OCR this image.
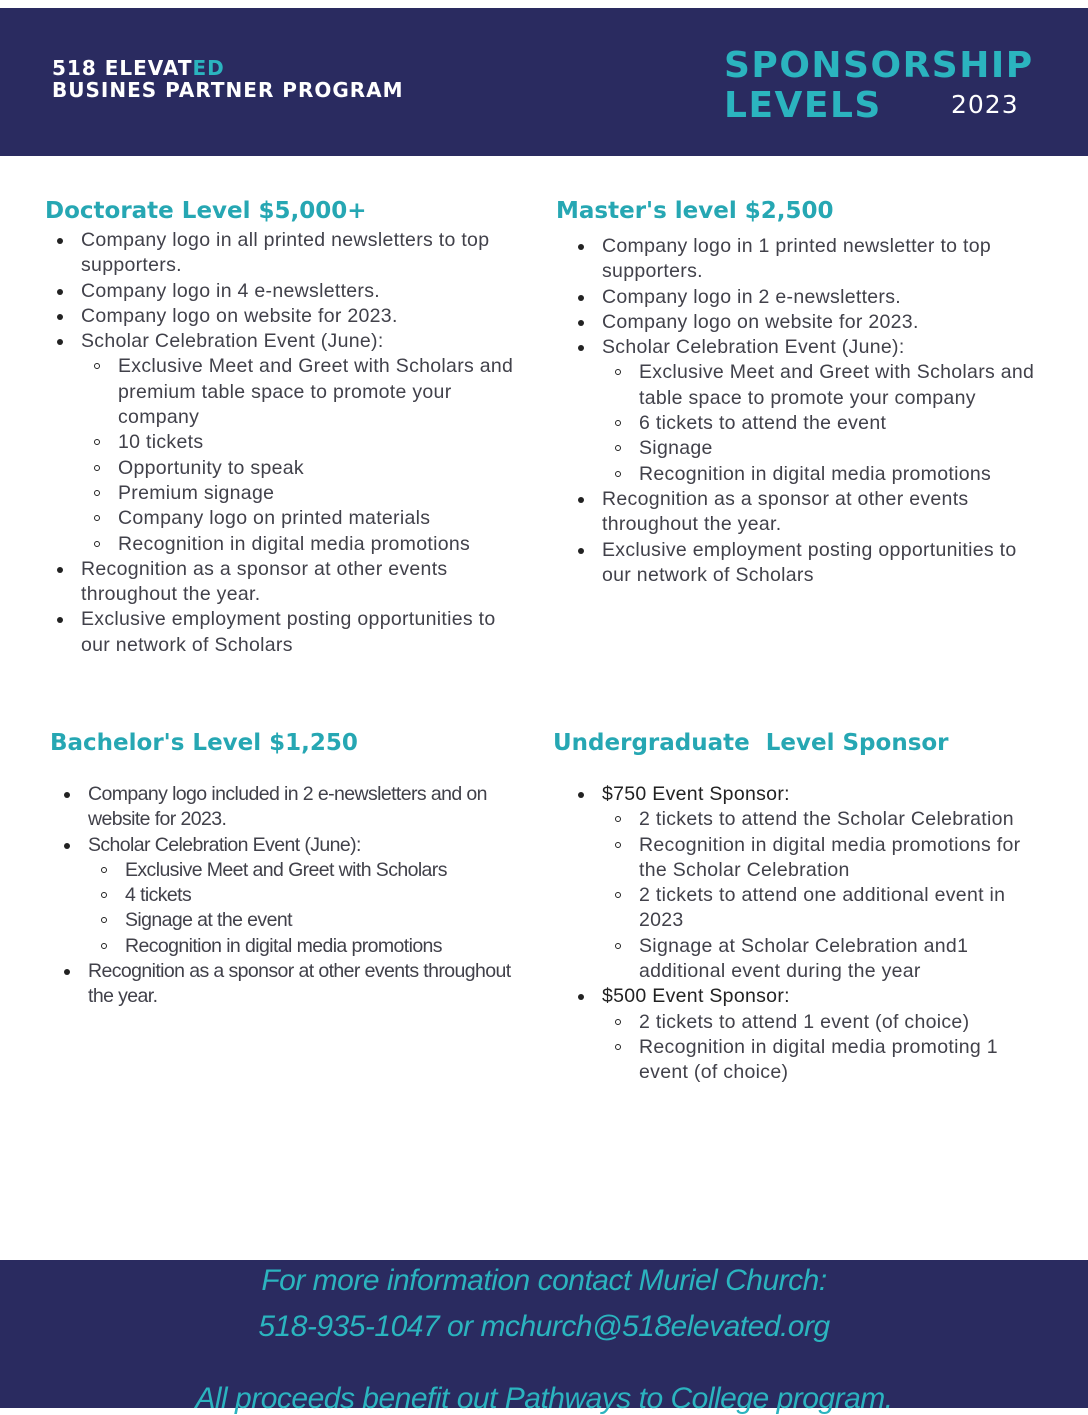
518 ELEVATED
BUSINES PARTNER PROGRAM
SPONSORSHIP
LEVELS	2023
Doctorate Level $5,000+
Company logo in all printed newsletters to top supporters.
Company logo in 4 e-newsletters.
Company logo on website for 2023.
Scholar Celebration Event (June):
Exclusive Meet and Greet with Scholars and premium table space to promote your company
10 tickets
Opportunity to speak
Premium signage
Company logo on printed materials
Recognition in digital media promotions
Recognition as a sponsor at other events throughout the year.
Exclusive employment posting opportunities to our network of Scholars
Master's level $2,500
Company logo in 1 printed newsletter to top supporters.
Company logo in 2 e-newsletters.
Company logo on website for 2023.
Scholar Celebration Event (June):
Exclusive Meet and Greet with Scholars and table space to promote your company
6 tickets to attend the event
Signage
Recognition in digital media promotions
Recognition as a sponsor at other events throughout the year.
Exclusive employment posting opportunities to our network of Scholars
Bachelor's Level $1,250
Company logo included in 2 e-newsletters and on website for 2023.
Scholar Celebration Event (June):
Exclusive Meet and Greet with Scholars
4 tickets
Signage at the event
Recognition in digital media promotions
Recognition as a sponsor at other events throughout the year.
Undergraduate  Level Sponsor
$750 Event Sponsor:
2 tickets to attend the Scholar Celebration
Recognition in digital media promotions for the Scholar Celebration
2 tickets to attend one additional event in 2023
Signage at Scholar Celebration and1 additional event during the year
$500 Event Sponsor:
2 tickets to attend 1 event (of choice)
Recognition in digital media promoting 1 event (of choice)
For more information contact Muriel Church:
518-935-1047 or mchurch@518elevated.org
All proceeds benefit out Pathways to College program.
